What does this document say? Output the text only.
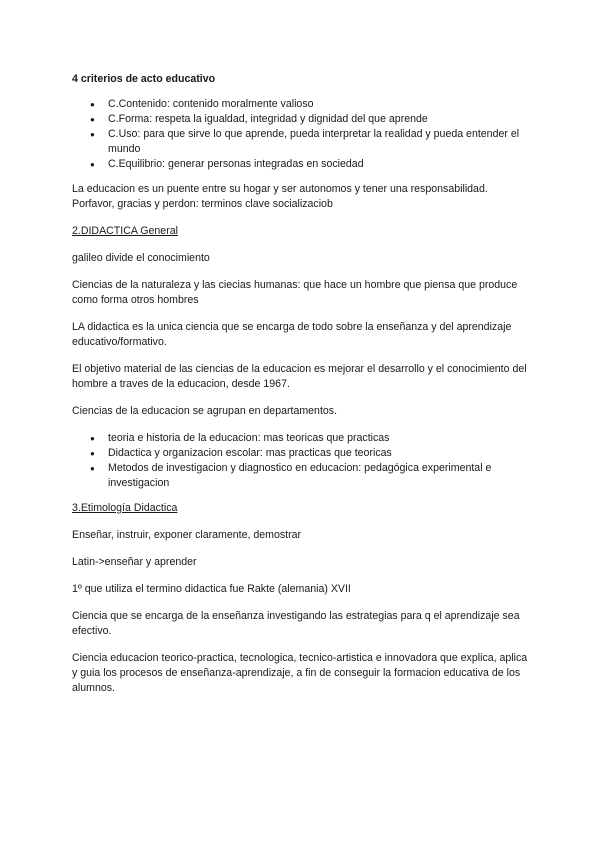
4 criterios de acto educativo

● C.Contenido: contenido moralmente valioso
● C.Forma: respeta la igualdad, integridad y dignidad del que aprende
● C.Uso: para que sirve lo que aprende, pueda interpretar la realidad y pueda entender el mundo
● C.Equilibrio: generar personas integradas en sociedad

La educacion es un puente entre su hogar y ser autonomos y tener una responsabilidad. Porfavor, gracias y perdon: terminos clave socializaciob

2.DIDACTICA General

galileo divide el conocimiento

Ciencias de la naturaleza y las ciecias humanas: que hace un hombre que piensa que produce como forma otros hombres

LA didactica es la unica ciencia que se encarga de todo sobre la enseñanza y del aprendizaje educativo/formativo.

El objetivo material de las ciencias de la educacion es mejorar el desarrollo y el conocimiento del hombre a traves de la educacion, desde 1967.

Ciencias de la educacion se agrupan en departamentos.

● teoria e historia de la educacion: mas teoricas que practicas
● Didactica y organizacion escolar: mas practicas que teoricas
● Metodos de investigacion y diagnostico en educacion: pedagógica experimental e investigacion

3.Etimología Didactica

Enseñar, instruir, exponer claramente, demostrar

Latin->enseñar y aprender

1º que utiliza el termino didactica fue Rakte (alemania) XVII

Ciencia que se encarga de la enseñanza investigando las estrategias para q el aprendizaje sea efectivo.

Ciencia educacion teorico-practica, tecnologica, tecnico-artistica e innovadora que explica, aplica y guia los procesos de enseñanza-aprendizaje, a fin de conseguir la formacion educativa de los alumnos.
